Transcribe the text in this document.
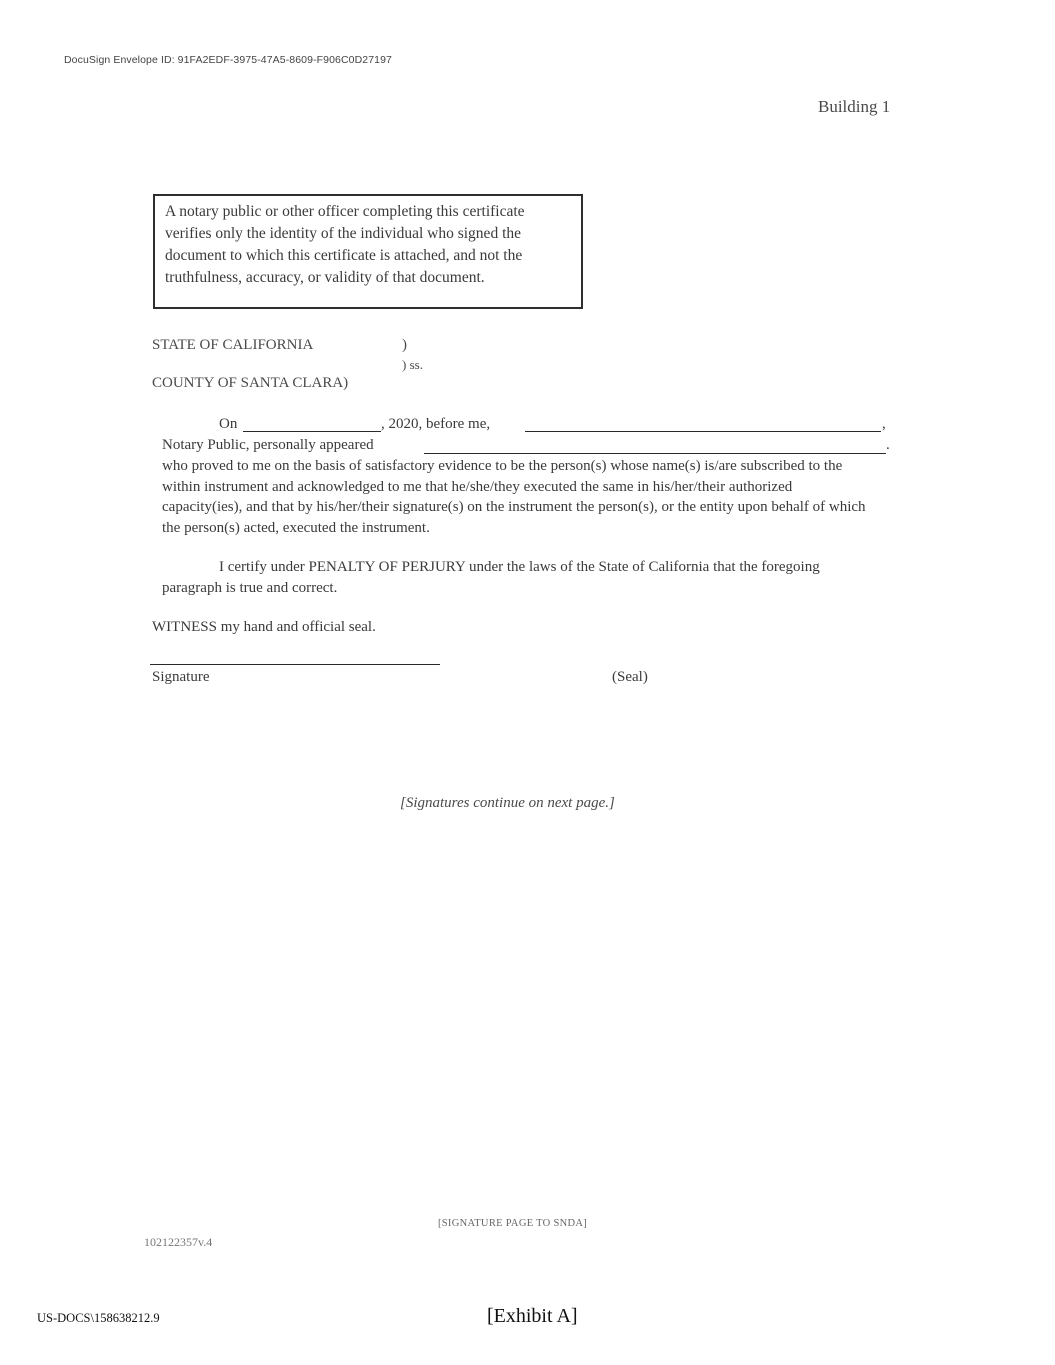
DocuSign Envelope ID: 91FA2EDF-3975-47A5-8609-F906C0D27197
Building 1
A notary public or other officer completing this certificate verifies only the identity of the individual who signed the document to which this certificate is attached, and not the truthfulness, accuracy, or validity of that document.
STATE OF CALIFORNIA	)
) ss.
COUNTY OF SANTA CLARA)
On	, 2020, before me,	,
Notary Public, personally appeared	.
who proved to me on the basis of satisfactory evidence to be the person(s) whose name(s) is/are subscribed to the within instrument and acknowledged to me that he/she/they executed the same in his/her/their authorized capacity(ies), and that by his/her/their signature(s) on the instrument the person(s), or the entity upon behalf of which the person(s) acted, executed the instrument.
I certify under PENALTY OF PERJURY under the laws of the State of California that the foregoing paragraph is true and correct.
WITNESS my hand and official seal.
Signature	(Seal)
[Signatures continue on next page.]
[SIGNATURE PAGE TO SNDA]
102122357v.4
US-DOCS\158638212.9	[Exhibit A]
